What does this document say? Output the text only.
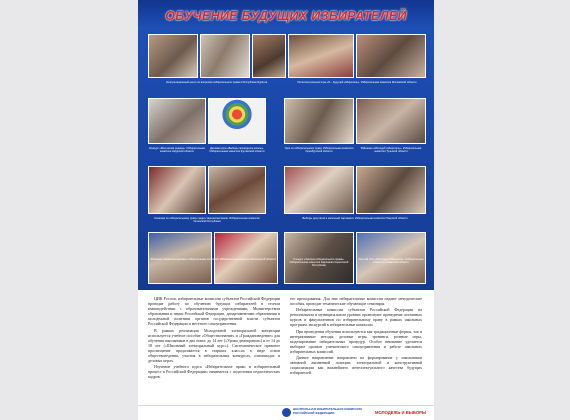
ОБУЧЕНИЕ БУДУЩИХ ИЗБИРАТЕЛЕЙ
Консультационный центр по вопросам избирательного права в Республике Бурятия.	Интеллектуальная игра «Я – будущий избиратель». Избирательная комиссия Московской области
Конкурс «Моя малая родина». Избирательная комиссия Амурской области
Деловая игра «Выборы президента школы». Избирательная комиссия Курганской области
Урок по избирательному праву. Избирательная комиссия Оренбургской области
Районная «Молодой избиратель». Избирательная комиссия Тульской области
Семинар по избирательному праву среди старшеклассников. Избирательная комиссия Чеченской Республики
Выборы депутатов в школьный парламент. Избирательная комиссия Тверской области
Обучение членов молодежных избирательных комиссий. Избирательная комиссия Московской области	Конкурс «Знатоки избирательного права». Избирательная комиссия Карачаево-Черкесской Республики
Круглый стол «Молодые избиратели». Избирательная комиссия Самарской области

ЦИК России, избирательные комиссии субъектов Российской Федерации проводят работу по обучению будущих избирателей в тесном взаимодействии с образовательными учреждениями, Министерством образования и науки Российской Федерации, департаментами образования и молодежной политики органов государственной власти субъектов Российской Федерации и местного самоуправления.

В рамках реализации Молодежной электоральной концепции используется учебное пособие «Обществознание» и «Граждановедение» для обучения школьников в два этапа: до 14 лет («Уроки демократии») и от 14 до 18 лет («Школьный электоральный курс»). Систематическое правовое просвещение продолжается в старших классах в виде основ обществоведения, участия в избирательных конкурсах, олимпиадах и деловых играх.

Изучение учебного курса «Избирательное право и избирательный процесс в Российской Федерации» начинается с подготовки педагогических кадров.

его преподавания. Для них избирательные комиссии издают методические пособия, проводят тематические обучающие семинары.

Избирательные комиссии субъектов Российской Федерации на региональном и муниципальном уровнях организуют проведение поэтапных курсов и факультативов по избирательному праву в рамках школьных программ, экскурсий в избирательные комиссии.

При проведении обучения используются как традиционные формы, так и интерактивные методы: деловые игры, тренинги, ролевые игры, моделирование избирательных процедур. Особое внимание уделяется выборам органов ученического самоуправления и работе школьных избирательных комиссий.

Данное направление направлено на формирование у школьников активной жизненной позиции, электоральной и конструктивной социализации как важнейшего интеллектуального качества будущих избирателей.

ЦЕНТРАЛЬНАЯ ИЗБИРАТЕЛЬНАЯ КОМИССИЯ РОССИЙСКОЙ ФЕДЕРАЦИИ	МОЛОДЕЖЬ И ВЫБОРЫ
